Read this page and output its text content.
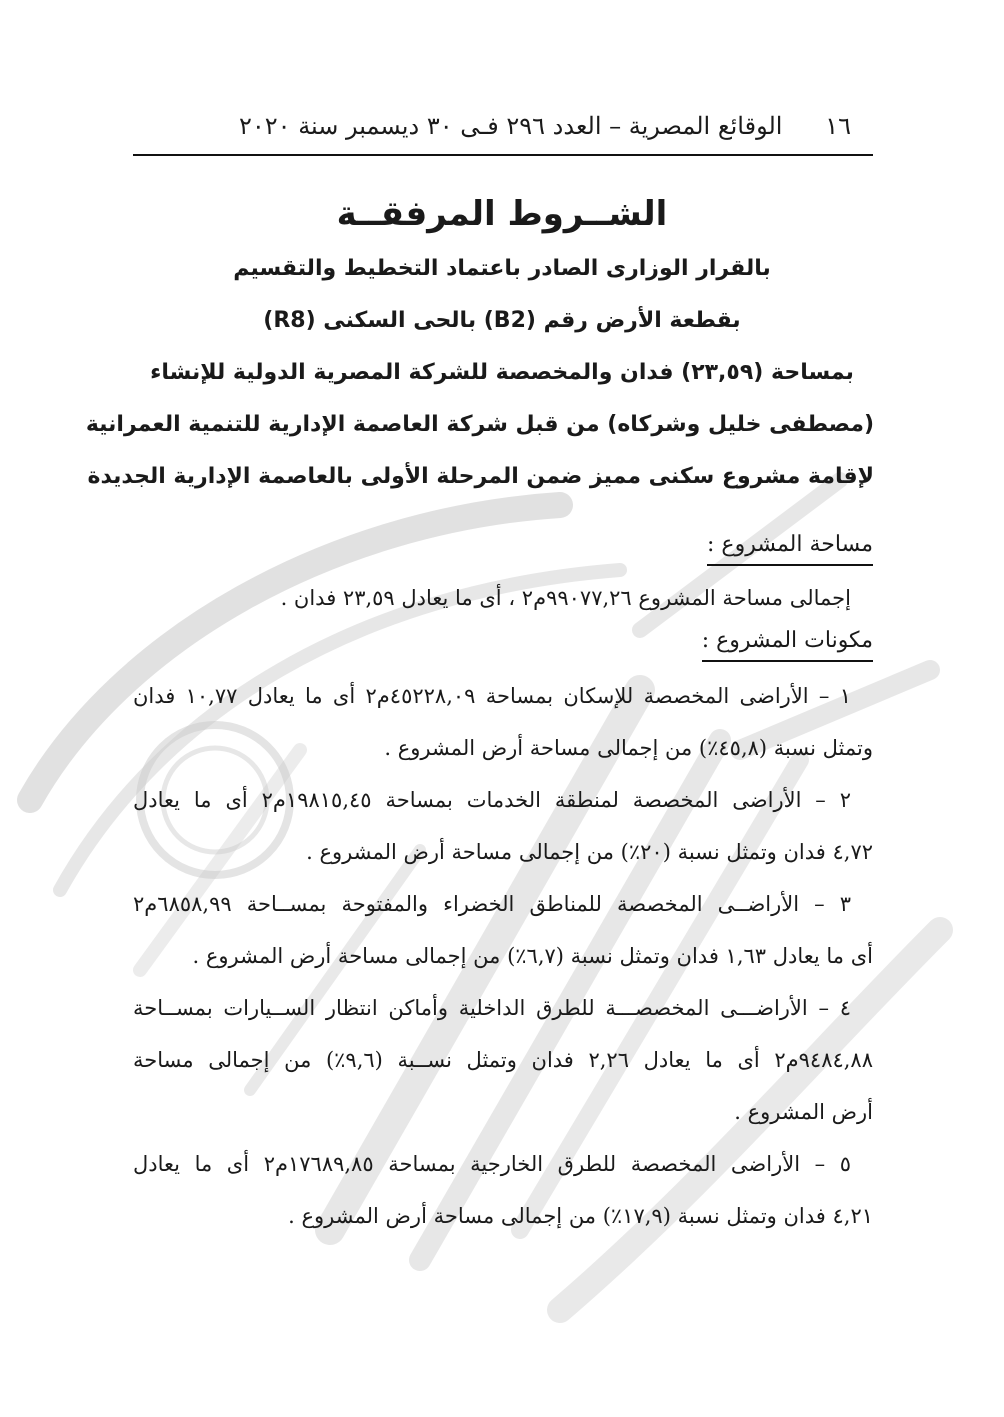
١٦
الوقائع المصرية – العدد ٢٩٦ فـى ٣٠ ديسمبر سنة ٢٠٢٠

الشــروط المرفقــة

بالقرار الوزارى الصادر باعتماد التخطيط والتقسيم

بقطعة الأرض رقم (B2) بالحى السكنى (R8)

بمساحة (٢٣,٥٩) فدان والمخصصة للشركة المصرية الدولية للإنشاء

(مصطفى خليل وشركاه) من قبل شركة العاصمة الإدارية للتنمية العمرانية

لإقامة مشروع سكنى مميز ضمن المرحلة الأولى بالعاصمة الإدارية الجديدة

مساحة المشروع :

إجمالى مساحة المشروع ٩٩٠٧٧,٢٦م٢ ، أى ما يعادل ٢٣,٥٩ فدان .

مكونات المشروع :

١ – الأراضى المخصصة للإسكان بمساحة ٤٥٢٢٨,٠٩م٢ أى ما يعادل ١٠,٧٧ فدان

وتمثل نسبة (٤٥,٨٪) من إجمالى مساحة أرض المشروع .

٢ – الأراضى المخصصة لمنطقة الخدمات بمساحة ١٩٨١٥,٤٥م٢ أى ما يعادل

٤,٧٢ فدان وتمثل نسبة (٢٠٪) من إجمالى مساحة أرض المشروع .

٣ – الأراضــى المخصصة للمناطق الخضراء والمفتوحة بمســاحة ٦٨٥٨,٩٩م٢

أى ما يعادل ١,٦٣ فدان وتمثل نسبة (٦,٧٪) من إجمالى مساحة أرض المشروع .

٤ – الأراضـــى المخصصـــة للطرق الداخلية وأماكن انتظار الســيارات بمســاحة

٩٤٨٤,٨٨م٢ أى ما يعادل ٢,٢٦ فدان وتمثل نســبة (٩,٦٪) من إجمالى مساحة

أرض المشروع .

٥ – الأراضى المخصصة للطرق الخارجية بمساحة ١٧٦٨٩,٨٥م٢ أى ما يعادل

٤,٢١ فدان وتمثل نسبة (١٧,٩٪) من إجمالى مساحة أرض المشروع .
